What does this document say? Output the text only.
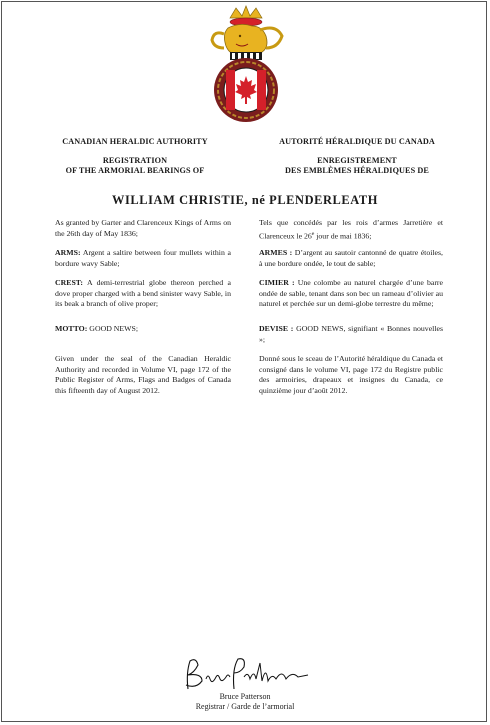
CANADIAN HERALDIC AUTHORITY	AUTORITÉ HÉRALDIQUE DU CANADA
REGISTRATION
OF THE ARMORIAL BEARINGS OF
ENREGISTREMENT
DES EMBLÈMES HÉRALDIQUES DE
WILLIAM CHRISTIE, né PLENDERLEATH

As granted by Garter and Clarenceux Kings of Arms on the 26th day of May 1836;

ARMS: Argent a saltire between four mullets within a bordure wavy Sable;

CREST: A demi-terrestrial globe thereon perched a dove proper charged with a bend sinister wavy Sable, in its beak a branch of olive proper;

MOTTO: GOOD NEWS;

Given under the seal of the Canadian Heraldic Authority and recorded in Volume VI, page 172 of the Public Register of Arms, Flags and Badges of Canada this fifteenth day of August 2012.

Tels que concédés par les rois d’armes Jarretière et Clarenceux le 26e jour de mai 1836;

ARMES : D’argent au sautoir cantonné de quatre étoiles, à une bordure ondée, le tout de sable;

CIMIER : Une colombe au naturel chargée d’une barre ondée de sable, tenant dans son bec un rameau d’olivier au naturel et perchée sur un demi-globe terrestre du même;

DEVISE : GOOD NEWS, signifiant « Bonnes nouvelles »;

Donné sous le sceau de l’Autorité héraldique du Canada et consigné dans le volume VI, page 172 du Registre public des armoiries, drapeaux et insignes du Canada, ce quinzième jour d’août 2012.

Bruce Patterson
Registrar / Garde de l’armorial
